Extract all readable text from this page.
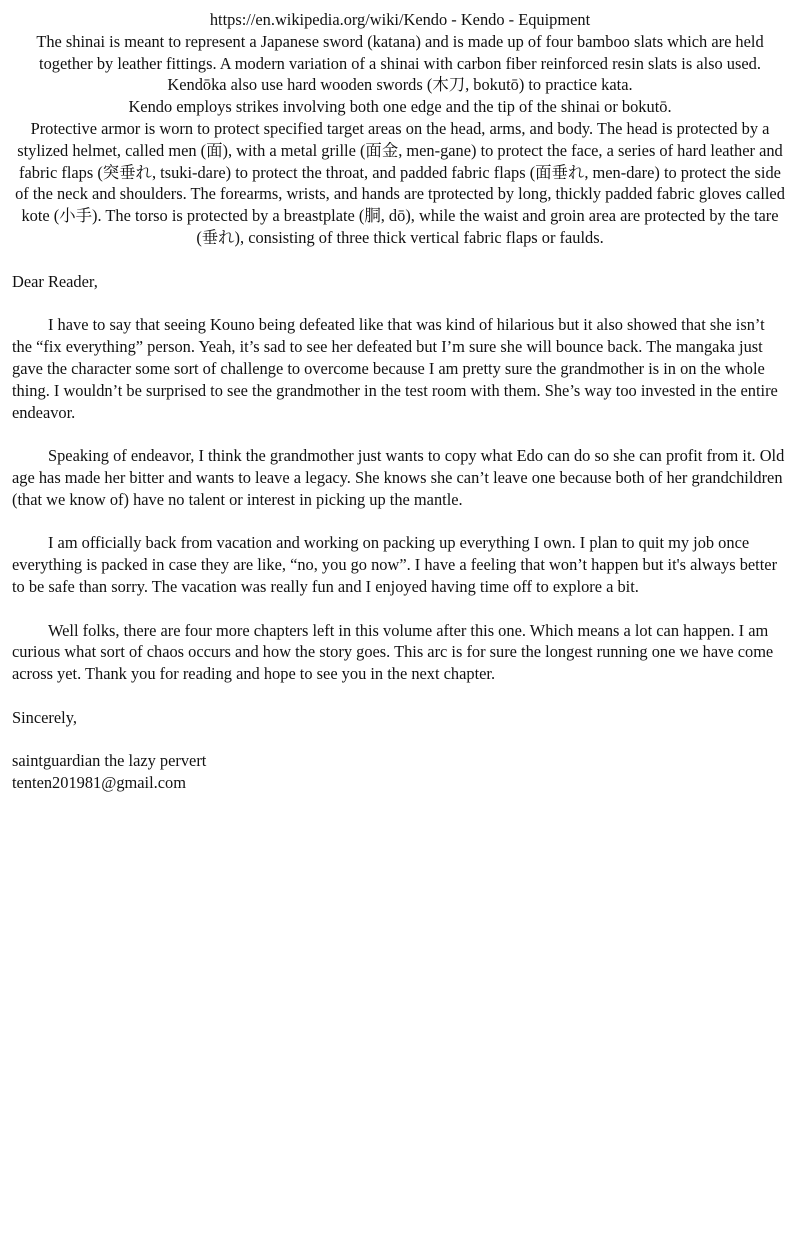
https://en.wikipedia.org/wiki/Kendo - Kendo - Equipment

The shinai is meant to represent a Japanese sword (katana) and is made up of four bamboo slats which are held together by leather fittings. A modern variation of a shinai with carbon fiber reinforced resin slats is also used.

Kendōka also use hard wooden swords (木刀, bokutō) to practice kata.

Kendo employs strikes involving both one edge and the tip of the shinai or bokutō.

Protective armor is worn to protect specified target areas on the head, arms, and body. The head is protected by a stylized helmet, called men (面), with a metal grille (面金, men-gane) to protect the face, a series of hard leather and fabric flaps (突垂れ, tsuki-dare) to protect the throat, and padded fabric flaps (面垂れ, men-dare) to protect the side of the neck and shoulders. The forearms, wrists, and hands are tprotected by long, thickly padded fabric gloves called kote (小手). The torso is protected by a breastplate (胴, dō), while the waist and groin area are protected by the tare (垂れ), consisting of three thick vertical fabric flaps or faulds.

Dear Reader,

I have to say that seeing Kouno being defeated like that was kind of hilarious but it also showed that she isn’t the “fix everything” person. Yeah, it’s sad to see her defeated but I’m sure she will bounce back. The mangaka just gave the character some sort of challenge to overcome because I am pretty sure the grandmother is in on the whole thing. I wouldn’t be surprised to see the grandmother in the test room with them. She’s way too invested in the entire endeavor.

Speaking of endeavor, I think the grandmother just wants to copy what Edo can do so she can profit from it. Old age has made her bitter and wants to leave a legacy. She knows she can’t leave one because both of her grandchildren (that we know of) have no talent or interest in picking up the mantle.

I am officially back from vacation and working on packing up everything I own. I plan to quit my job once everything is packed in case they are like, “no, you go now”. I have a feeling that won’t happen but it's always better to be safe than sorry. The vacation was really fun and I enjoyed having time off to explore a bit.

Well folks, there are four more chapters left in this volume after this one. Which means a lot can happen. I am curious what sort of chaos occurs and how the story goes. This arc is for sure the longest running one we have come across yet. Thank you for reading and hope to see you in the next chapter.

Sincerely,

saintguardian the lazy pervert

tenten201981@gmail.com
